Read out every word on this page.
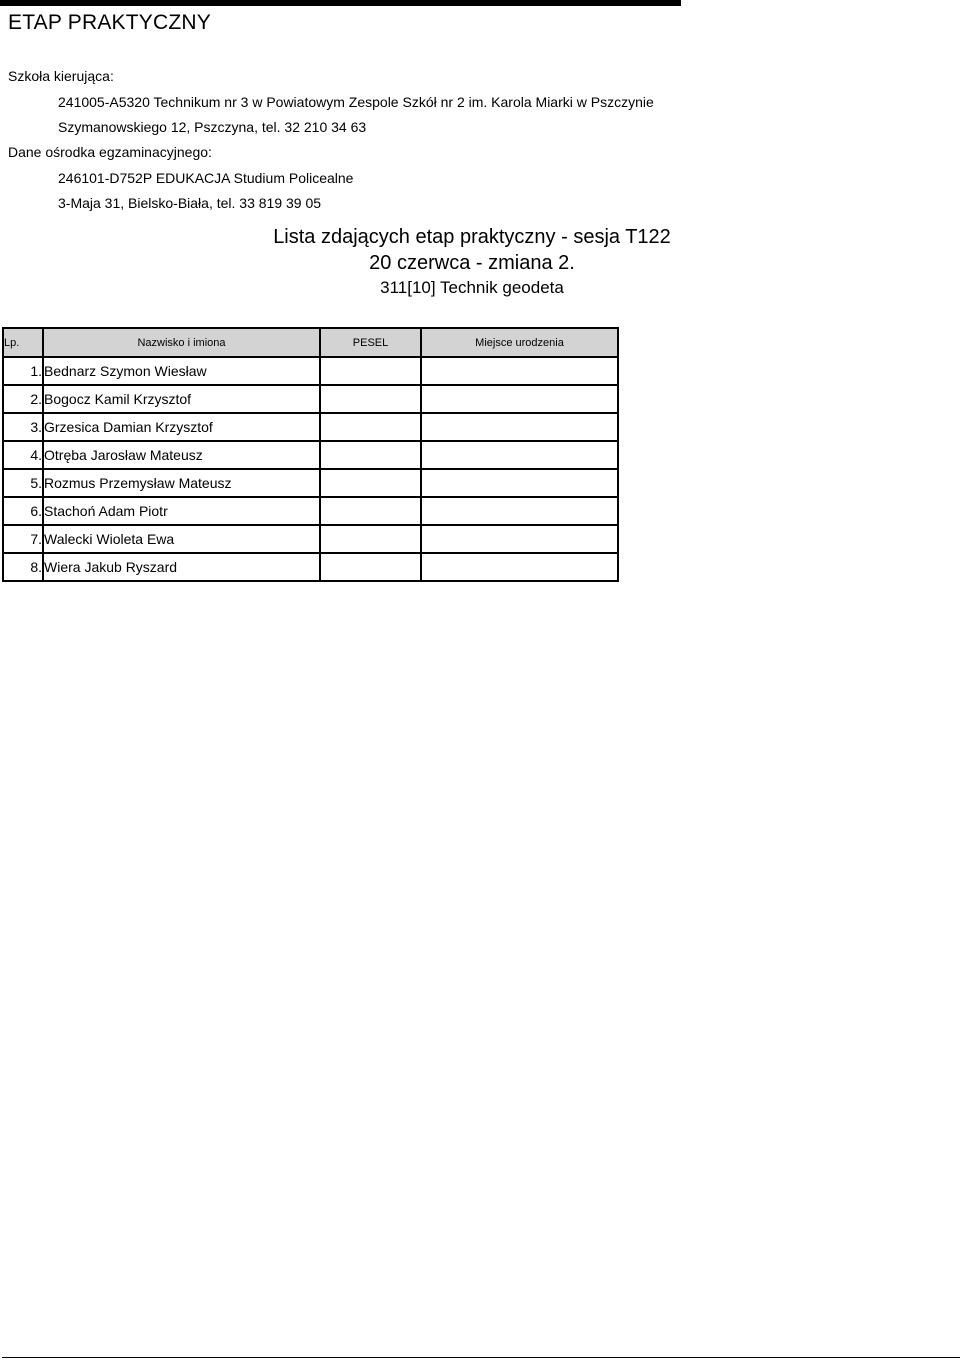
ETAP PRAKTYCZNY
Szkoła kierująca:
241005-A5320 Technikum nr 3 w Powiatowym Zespole Szkół nr 2 im. Karola Miarki w Pszczynie
Szymanowskiego 12, Pszczyna, tel. 32 210 34 63
Dane ośrodka egzaminacyjnego:
246101-D752P EDUKACJA Studium Policealne
3-Maja 31, Bielsko-Biała, tel. 33 819 39 05
Lista zdających etap praktyczny - sesja T122
20 czerwca - zmiana 2.
311[10] Technik geodeta
Lp.	Nazwisko i imiona	PESEL	Miejsce urodzenia
1.	Bednarz Szymon Wiesław		
2.	Bogocz Kamil Krzysztof		
3.	Grzesica Damian Krzysztof		
4.	Otręba Jarosław Mateusz		
5.	Rozmus Przemysław Mateusz		
6.	Stachoń Adam Piotr		
7.	Walecki Wioleta Ewa		
8.	Wiera Jakub Ryszard		
